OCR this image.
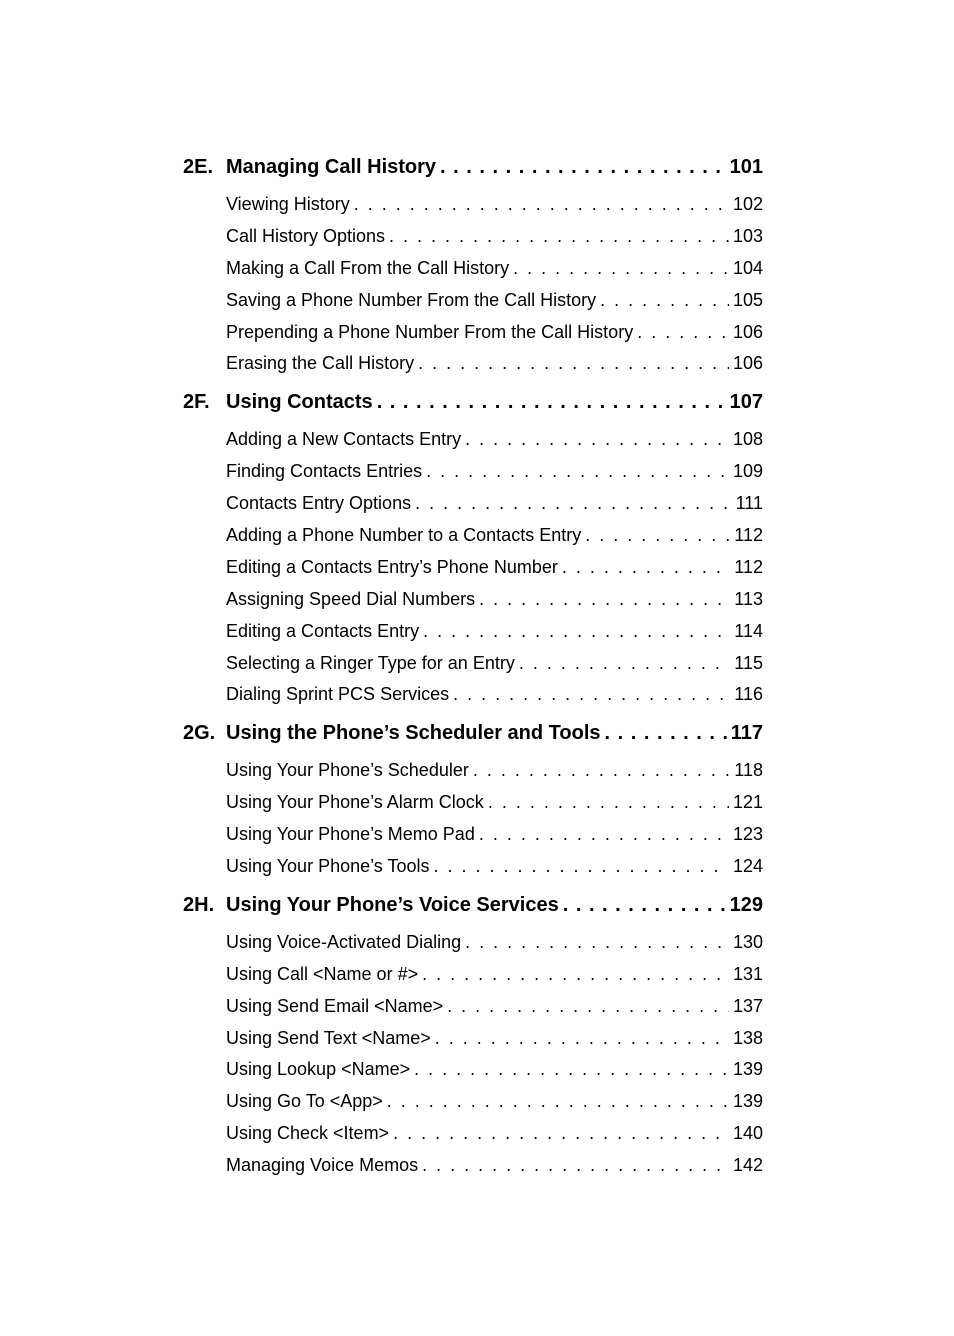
2E. Managing Call History . . .	101
Viewing History . . .	102
Call History Options . . .	103
Making a Call From the Call History . . .	104
Saving a Phone Number From the Call History . . .	105
Prepending a Phone Number From the Call History . . .	106
Erasing the Call History . . .	106
2F. Using Contacts . . .	107
Adding a New Contacts Entry . . .	108
Finding Contacts Entries . . .	109
Contacts Entry Options . . .	111
Adding a Phone Number to a Contacts Entry . . .	112
Editing a Contacts Entry’s Phone Number . . .	112
Assigning Speed Dial Numbers . . .	113
Editing a Contacts Entry . . .	114
Selecting a Ringer Type for an Entry . . .	115
Dialing Sprint PCS Services . . .	116
2G. Using the Phone’s Scheduler and Tools . . .	117
Using Your Phone’s Scheduler . . .	118
Using Your Phone’s Alarm Clock . . .	121
Using Your Phone’s Memo Pad . . .	123
Using Your Phone’s Tools . . .	124
2H. Using Your Phone’s Voice Services . . .	129
Using Voice-Activated Dialing . . .	130
Using Call <Name or #> . . .	131
Using Send Email <Name> . . .	137
Using Send Text <Name> . . .	138
Using Lookup <Name> . . .	139
Using Go To <App> . . .	139
Using Check <Item> . . .	140
Managing Voice Memos . . .	142
